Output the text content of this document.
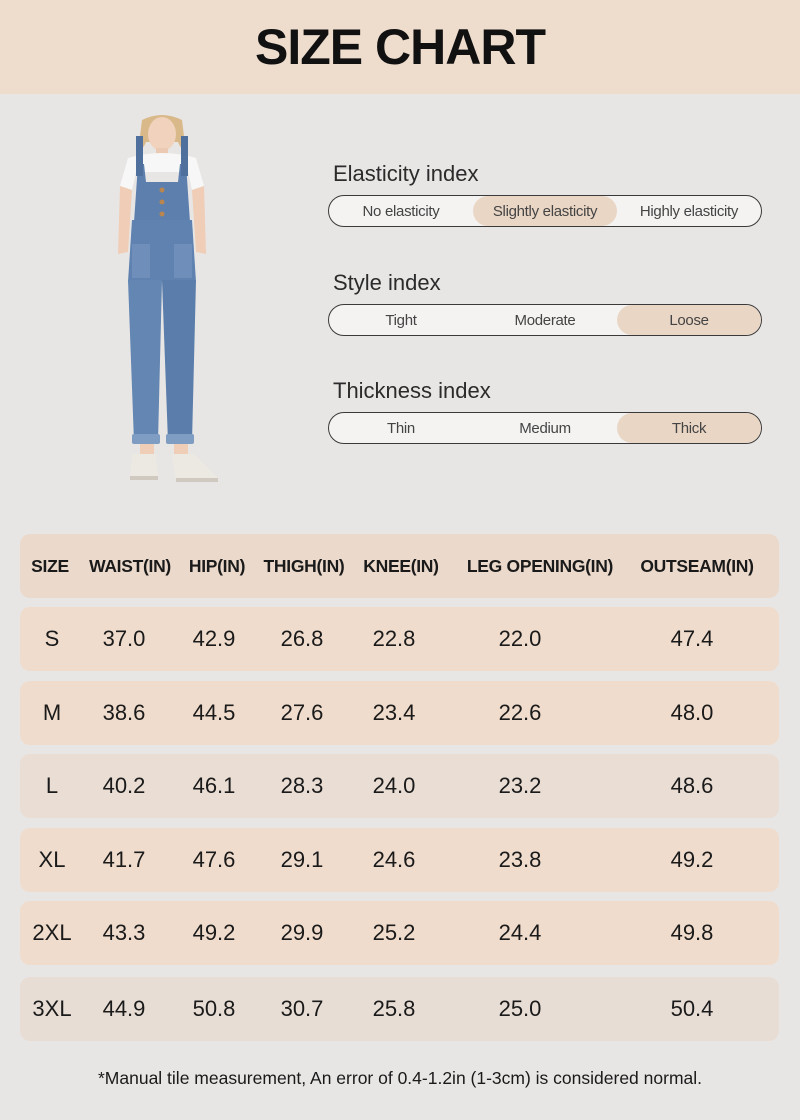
SIZE CHART
Elasticity index
No elasticity	Slightly elasticity	Highly elasticity
Style index
Tight	Moderate	Loose
Thickness index
Thin	Medium	Thick
SIZE	WAIST(IN)	HIP(IN)	THIGH(IN)	KNEE(IN)	LEG OPENING(IN)	OUTSEAM(IN)
S	37.0	42.9	26.8	22.8	22.0	47.4
M	38.6	44.5	27.6	23.4	22.6	48.0
L	40.2	46.1	28.3	24.0	23.2	48.6
XL	41.7	47.6	29.1	24.6	23.8	49.2
2XL	43.3	49.2	29.9	25.2	24.4	49.8
3XL	44.9	50.8	30.7	25.8	25.0	50.4
*Manual tile measurement, An error of 0.4-1.2in (1-3cm) is considered normal.
